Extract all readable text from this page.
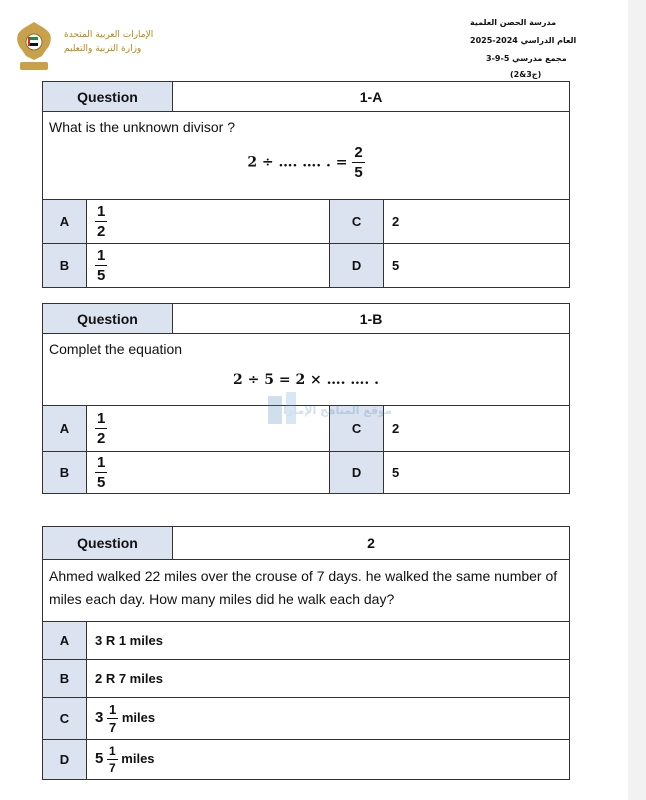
الإمارات العربية المتحدة
وزارة التربية والتعليم
مدرسة الحصن العلمية
العام الدراسي 2024-2025
مجمع مدرسي 5-9-3
(ج3&2)
Question		1-A		

What is the unknown divisor ?
2 ÷ …. …. . = $\frac{2}{5}$

A	$\frac{1}{2}$		C	2
B	$\frac{1}{5}$		D	5
Question		1-B		

Complet the equation
2 ÷ 5 = 2 × …. …. .				

A	$\frac{1}{2}$		C	2
B	$\frac{1}{5}$		D	5
موقع المناهج الإماراتية
Question		2
Ahmed walked 22 miles over the crouse of 7 days. he walked the same number of miles each day. How many miles did he walk each day?		
A	3 R 1 miles	
B	2 R 7 miles	
C	$3 \frac{1}{7}$ miles	
D	$5 \frac{1}{7}$ miles	
